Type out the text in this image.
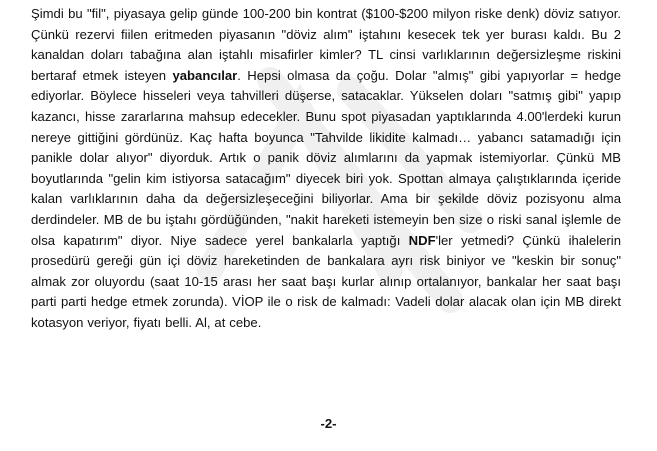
Şimdi bu "fil", piyasaya gelip günde 100-200 bin kontrat ($100-$200 milyon riske denk) döviz satıyor. Çünkü rezervi fiilen eritmeden piyasanın "döviz alım" iştahını kesecek tek yer burası kaldı. Bu 2 kanaldan doları tabağına alan iştahlı misafirler kimler? TL cinsi varlıklarının değersizleşme riskini bertaraf etmek isteyen yabancılar. Hepsi olmasa da çoğu. Dolar "almış" gibi yapıyorlar = hedge ediyorlar. Böylece hisseleri veya tahvilleri düşerse, satacaklar. Yükselen doları "satmış gibi" yapıp kazancı, hisse zararlarına mahsup edecekler. Bunu spot piyasadan yaptıklarında 4.00'lerdeki kurun nereye gittiğini gördünüz. Kaç hafta boyunca "Tahvilde likidite kalmadı… yabancı satamadığı için panikle dolar alıyor" diyorduk. Artık o panik döviz alımlarını da yapmak istemiyorlar. Çünkü MB boyutlarında "gelin kim istiyorsa satacağım" diyecek biri yok. Spottan almaya çalıştıklarında içeride kalan varlıklarının daha da değersizleşeceğini biliyorlar. Ama bir şekilde döviz pozisyonu alma derdindeler. MB de bu iştahı gördüğünden, "nakit hareketi istemeyin ben size o riski sanal işlemle de olsa kapatırım" diyor. Niye sadece yerel bankalarla yaptığı NDF'ler yetmedi? Çünkü ihalelerin prosedürü gereği gün içi döviz hareketinden de bankalara ayrı risk biniyor ve "keskin bir sonuç" almak zor oluyordu (saat 10-15 arası her saat başı kurlar alınıp ortalanıyor, bankalar her saat başı parti parti hedge etmek zorunda). VİOP ile o risk de kalmadı: Vadeli dolar alacak olan için MB direkt kotasyon veriyor, fiyatı belli. Al, at cebe.

-2-
